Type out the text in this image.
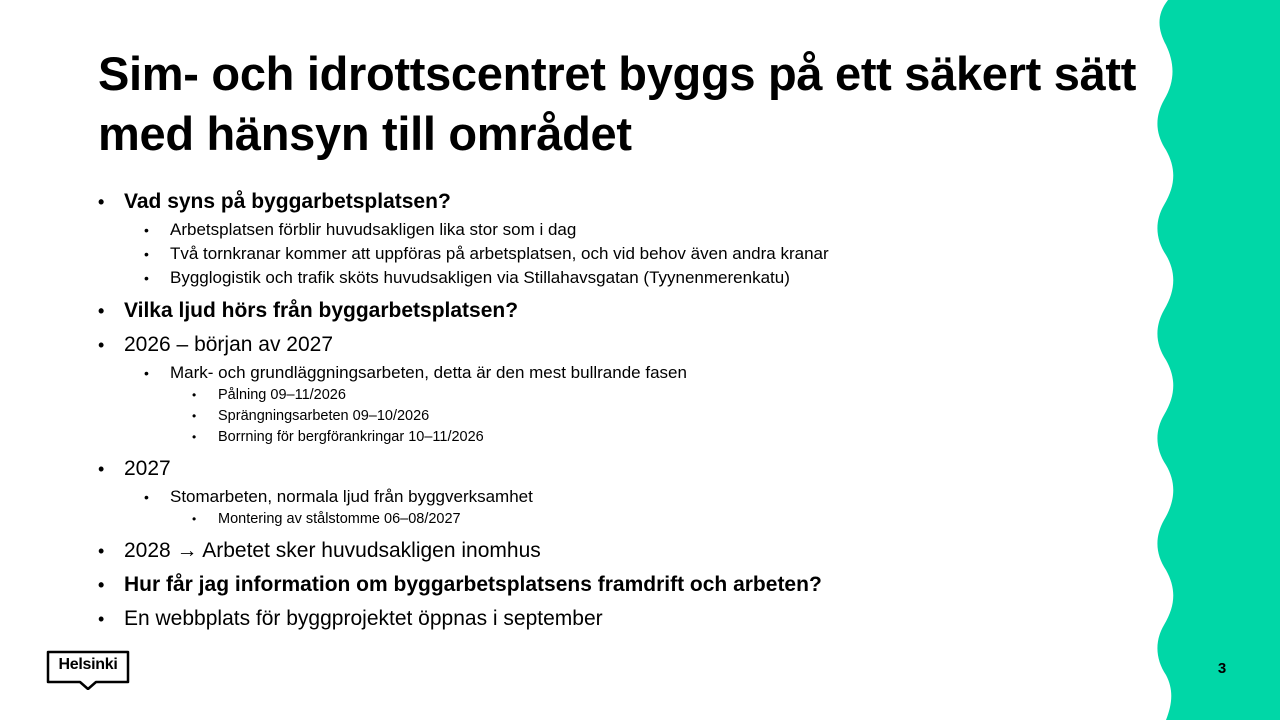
Sim- och idrottscentret byggs på ett säkert sätt med hänsyn till området
• Vad syns på byggarbetsplatsen?
•	Arbetsplatsen förblir huvudsakligen lika stor som i dag
•	Två tornkranar kommer att uppföras på arbetsplatsen, och vid behov även andra kranar
•	Bygglogistik och trafik sköts huvudsakligen via Stillahavsgatan (Tyynenmerenkatu)
• Vilka ljud hörs från byggarbetsplatsen?
• 2026 – början av 2027
•	Mark- och grundläggningsarbeten, detta är den mest bullrande fasen
•	Pålning 09–11/2026
•	Sprängningsarbeten 09–10/2026
•	Borrning för bergförankringar 10–11/2026
• 2027
•	Stomarbeten, normala ljud från byggverksamhet
•	Montering av stålstomme 06–08/2027
• 2028 → Arbetet sker huvudsakligen inomhus
• Hur får jag information om byggarbetsplatsens framdrift och arbeten?
• En webbplats för byggprojektet öppnas i september
Helsinki	3
